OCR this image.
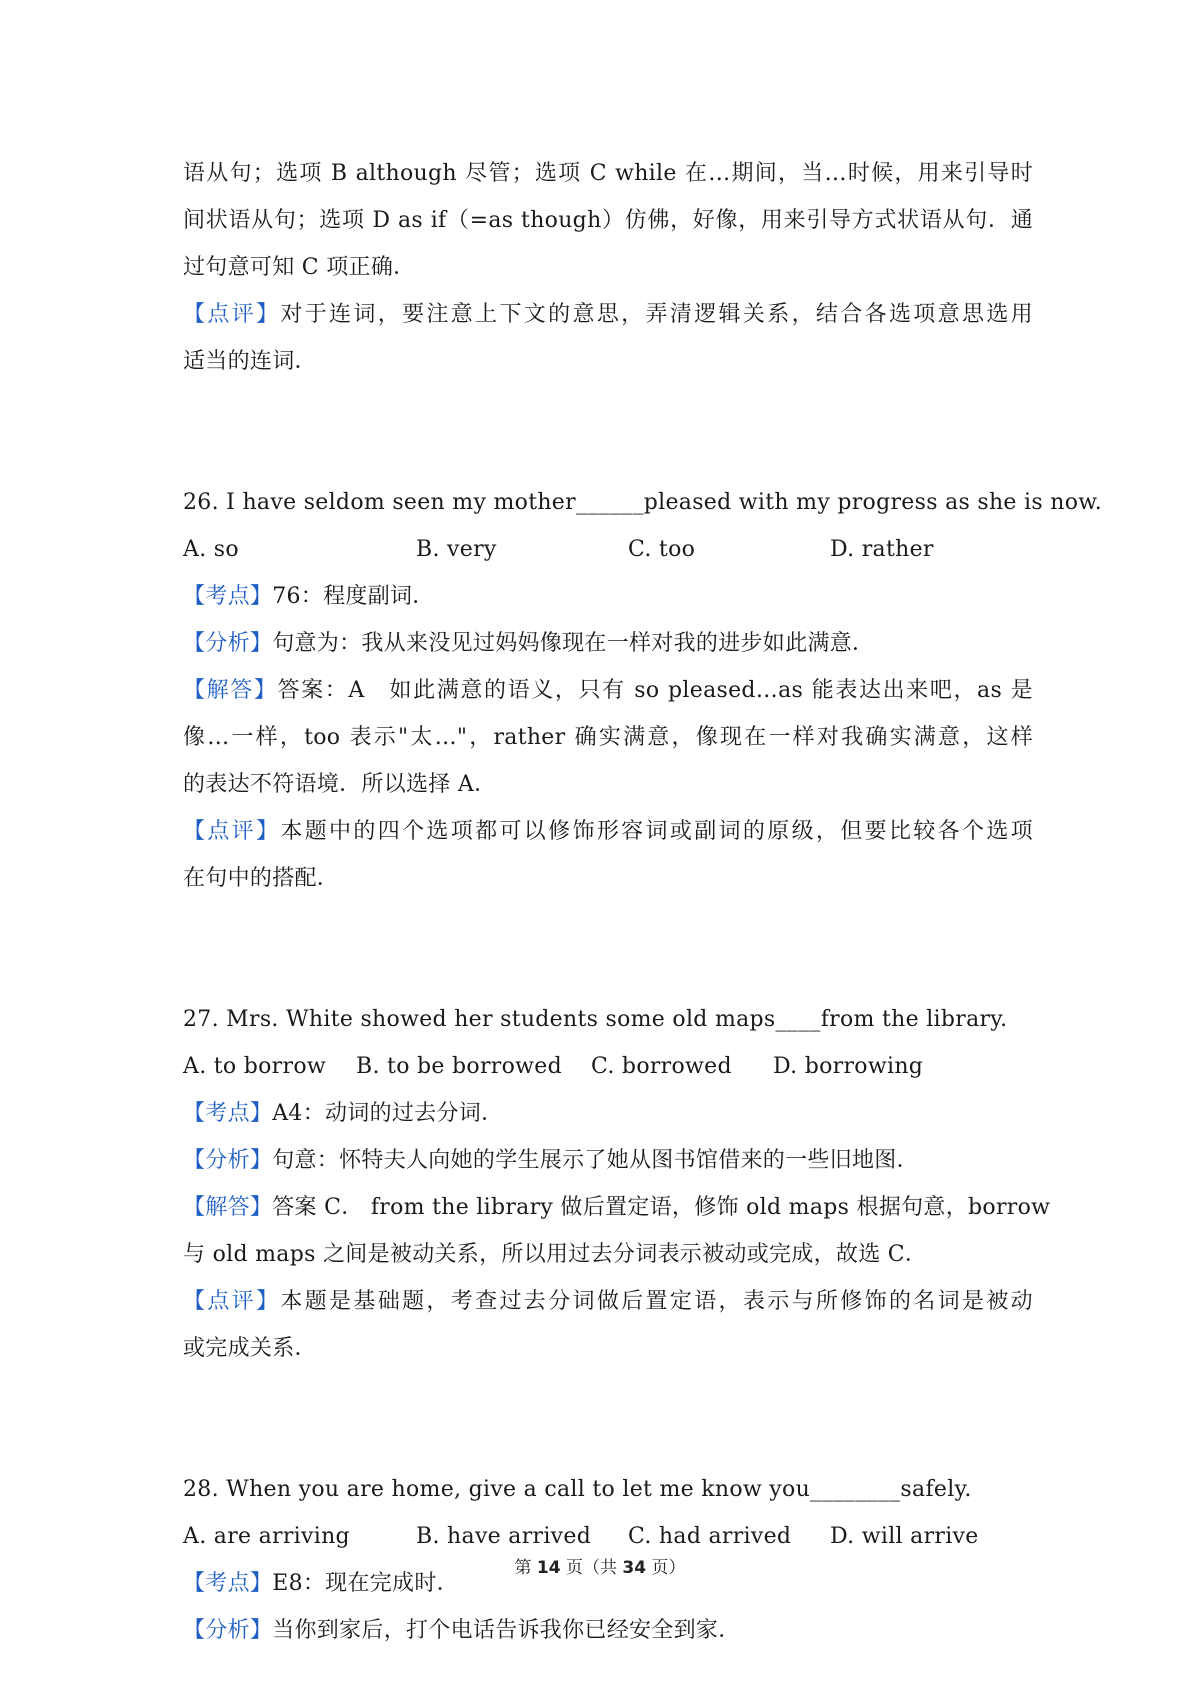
语从句；选项 B although 尽管；选项 C while 在…期间，当…时候，用来引导时
间状语从句；选项 D as if（=as though）仿佛，好像，用来引导方式状语从句．通
过句意可知 C 项正确．
【点评】对于连词，要注意上下文的意思，弄清逻辑关系，结合各选项意思选用
适当的连词．
26. I have seldom seen my mother______pleased with my progress as she is now.
A. so	B. very	C. too	D. rather
【考点】76：程度副词．
【分析】句意为：我从来没见过妈妈像现在一样对我的进步如此满意．
【解答】答案：A　如此满意的语义，只有 so pleased…as 能表达出来吧，as 是
像…一样，too 表示"太…"，rather 确实满意，像现在一样对我确实满意，这样
的表达不符语境．所以选择 A．
【点评】本题中的四个选项都可以修饰形容词或副词的原级，但要比较各个选项
在句中的搭配．
27. Mrs. White showed her students some old maps____from the library.
A. to borrow	B. to be borrowed	C. borrowed	D. borrowing
【考点】A4：动词的过去分词．
【分析】句意：怀特夫人向她的学生展示了她从图书馆借来的一些旧地图．
【解答】答案 C． from the library 做后置定语，修饰 old maps 根据句意，borrow
与 old maps 之间是被动关系，所以用过去分词表示被动或完成，故选 C．
【点评】本题是基础题，考查过去分词做后置定语，表示与所修饰的名词是被动
或完成关系．
28. When you are home, give a call to let me know you________safely.
A. are arriving	B. have arrived	C. had arrived	D. will arrive
【考点】E8：现在完成时．
【分析】当你到家后，打个电话告诉我你已经安全到家．
第 14 页（共 34 页）
